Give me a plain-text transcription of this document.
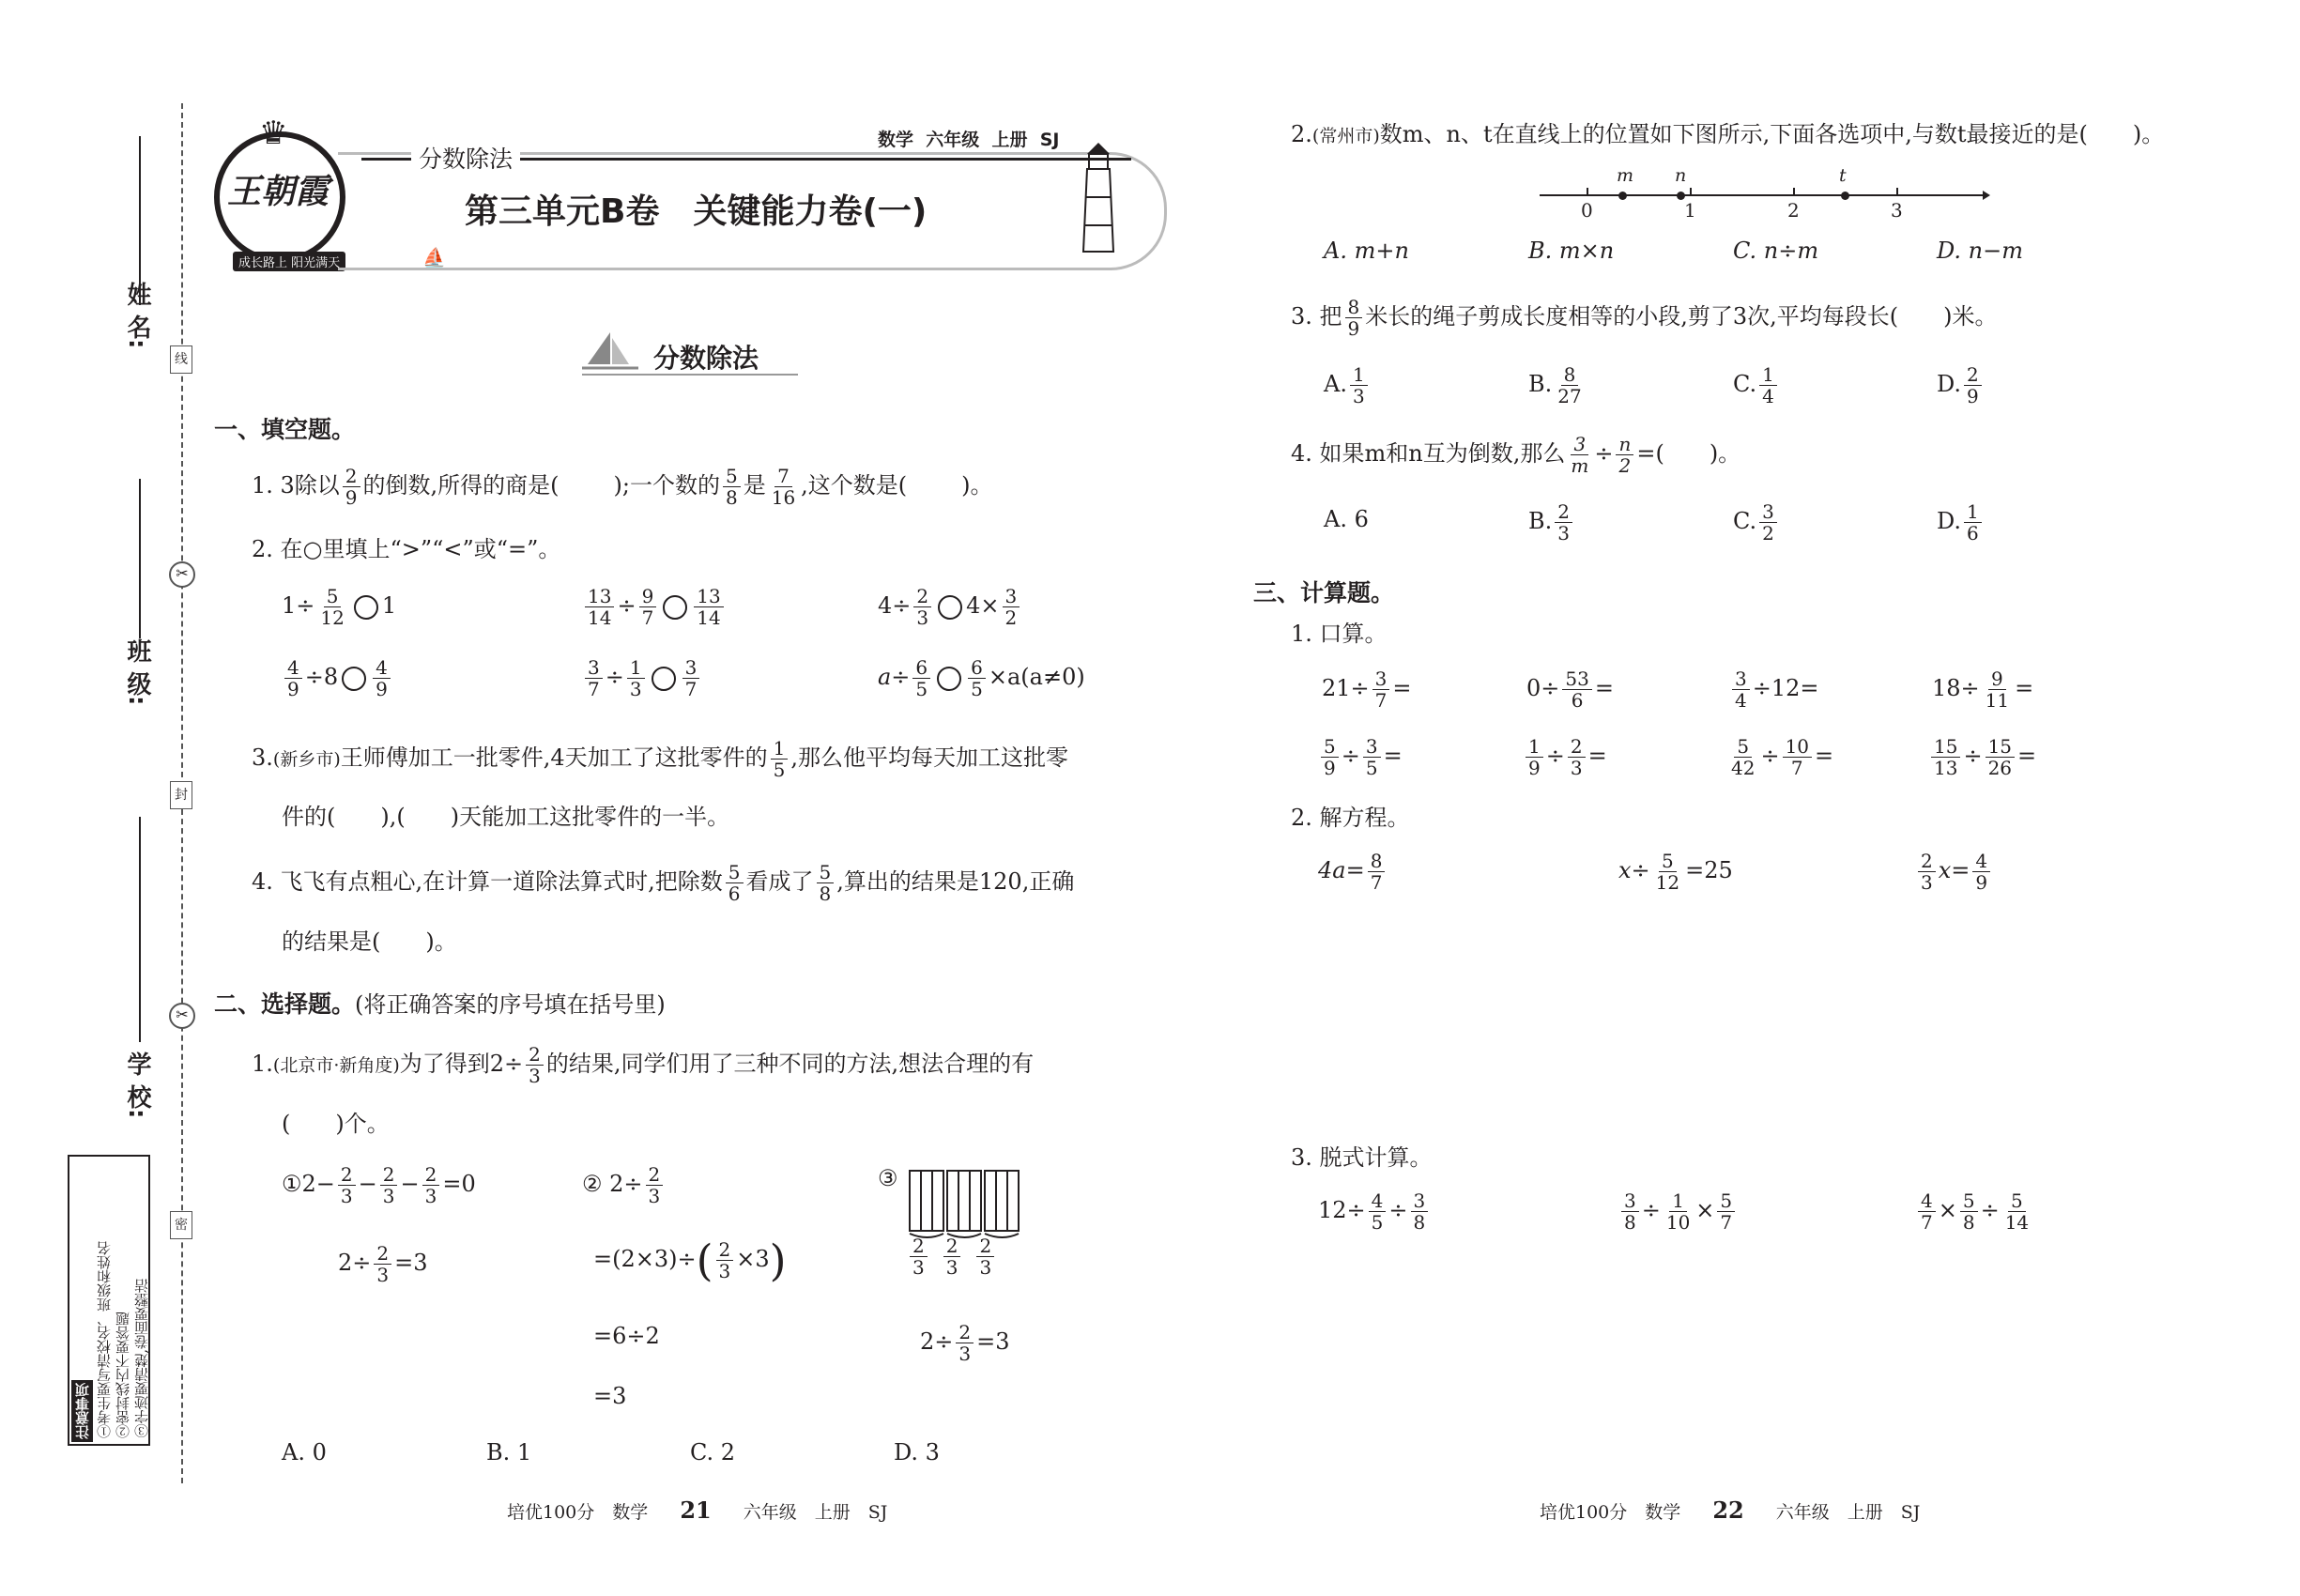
姓 名:
班 级:
学 校:
线
封
密
✂
✂
注意事项 ①考生要写清校名、班级和姓名 ②密封线内不要答题 ③字迹要清楚,卷面要整洁
♛
王朝霞
成长路上 阳光满天
分数除法
数学  六年级  上册  SJ
第三单元B卷　关键能力卷(一)
⛵
分数除法
一、填空题。
1. 3除以 $\frac{2}{9}$ 的倒数,所得的商是( );一个数的 $\frac{5}{8}$ 是 $\frac{7}{16}$ ,这个数是( )。
2. 在○里填上“>”“<”或“=”。
$1\div \frac{5}{12} 1$	$\frac{13}{14} \div \frac{9}{7} \frac{13}{14}$	$4\div \frac{2}{3} 4\times \frac{3}{2}$
$\frac{4}{9} \div 8 \frac{4}{9}$	$\frac{3}{7} \div \frac{1}{3} \frac{3}{7}$	$a\div \frac{6}{5} \frac{6}{5} \times a(a\ne 0)$
3.(新乡市)王师傅加工一批零件,4天加工了这批零件的 $\frac{1}{5}$ ,那么他平均每天加工这批零
件的(　　),(　　)天能加工这批零件的一半。
4. 飞飞有点粗心,在计算一道除法算式时,把除数 $\frac{5}{6}$ 看成了 $\frac{5}{8}$ ,算出的结果是120,正确
的结果是(　　)。
二、选择题。(将正确答案的序号填在括号里)
1.(北京市·新角度)为了得到$2\div \frac{2}{3}$ 的结果,同学们用了三种不同的方法,想法合理的有
(　　)个。
①2− $\frac{2}{3} - \frac{2}{3} - \frac{2}{3} =0$
$2\div \frac{2}{3} =3$
② $2\div \frac{2}{3}$
$=(2\times 3)\div( \frac{2}{3} \times 3)$
=6÷2
=3
③
$\frac{2}{3} \frac{2}{3} \frac{2}{3}$
$2\div \frac{2}{3} =3$
A. 0	B. 1	C. 2	D. 3
培优100分　数学 21 六年级　上册　SJ
2.(常州市)数m、n、t在直线上的位置如下图所示,下面各选项中,与数t最接近的是(　　)。
0	1	2	3
m n	t
A. m+n	B. m×n	C. n÷m	D. n−m
3. 把 $\frac{8}{9}$ 米长的绳子剪成长度相等的小段,剪了3次,平均每段长(　　)米。
A. $\frac{1}{3}$	B. $\frac{8}{27}$	C. $\frac{1}{4}$	D. $\frac{2}{9}$
4. 如果m和n互为倒数,那么 $\frac{3}{m} \div \frac{n}{2}$ =(　　)。
A. 6	B. $\frac{2}{3}$	C. $\frac{3}{2}$	D. $\frac{1}{6}$
三、计算题。
1. 口算。
$21\div \frac{3}{7}$ =	$0\div \frac{53}{6}$ =	$\frac{3}{4} \div 12=$	$18\div \frac{9}{11}$ =
$\frac{5}{9} \div \frac{3}{5}$ =	$\frac{1}{9} \div \frac{2}{3}$ =	$\frac{5}{42} \div \frac{10}{7}$ =	$\frac{15}{13} \div \frac{15}{26}$ =
2. 解方程。
$4a= \frac{8}{7}$	$x\div \frac{5}{12} =25$	$\frac{2}{3} x= \frac{4}{9}$
3. 脱式计算。
$12\div \frac{4}{5} \div \frac{3}{8}$	$\frac{3}{8} \div \frac{1}{10} \times \frac{5}{7}$	$\frac{4}{7} \times \frac{5}{8} \div \frac{5}{14}$
培优100分　数学 22 六年级　上册　SJ
